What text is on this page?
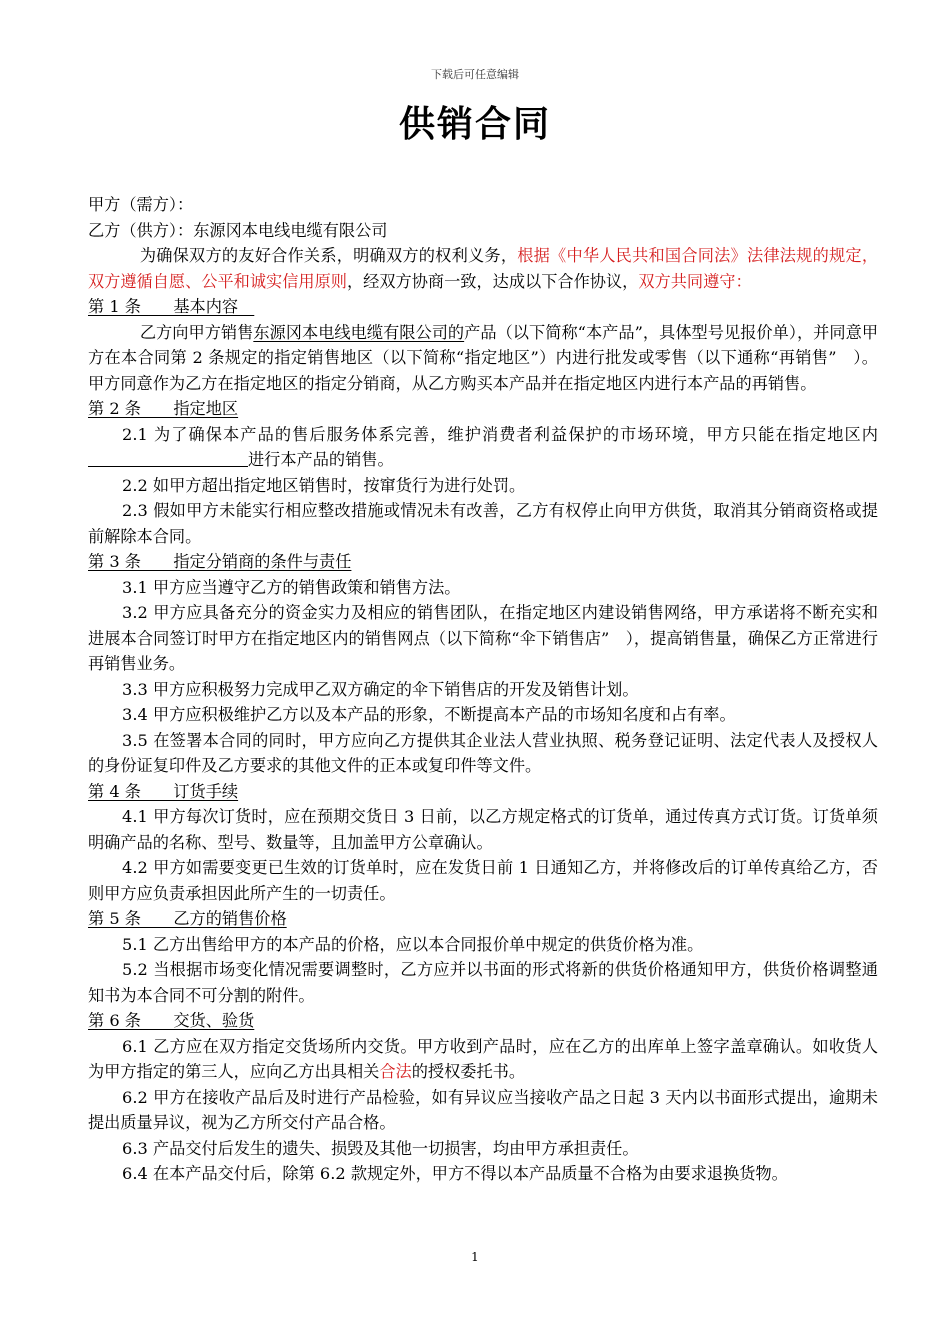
下载后可任意编辑
供销合同

甲方（需方）：

乙方（供方）：东源冈本电线电缆有限公司

为确保双方的友好合作关系，明确双方的权利义务，根据《中华人民共和国合同法》法律法规的规定，双方遵循自愿、公平和诚实信用原则，经双方协商一致，达成以下合作协议，双方共同遵守：

第 1 条　　基本内容　

乙方向甲方销售东源冈本电线电缆有限公司的产品（以下简称“本产品”，具体型号见报价单），并同意甲方在本合同第 2 条规定的指定销售地区（以下简称“指定地区”）内进行批发或零售（以下通称“再销售”　）。甲方同意作为乙方在指定地区的指定分销商，从乙方购买本产品并在指定地区内进行本产品的再销售。

第 2 条　　指定地区

2.1 为了确保本产品的售后服务体系完善，维护消费者利益保护的市场环境，甲方只能在指定地区内进行本产品的销售。

2.2 如甲方超出指定地区销售时，按窜货行为进行处罚。

2.3 假如甲方未能实行相应整改措施或情况未有改善，乙方有权停止向甲方供货，取消其分销商资格或提前解除本合同。

第 3 条　　指定分销商的条件与责任

3.1 甲方应当遵守乙方的销售政策和销售方法。

3.2 甲方应具备充分的资金实力及相应的销售团队，在指定地区内建设销售网络，甲方承诺将不断充实和进展本合同签订时甲方在指定地区内的销售网点（以下简称“伞下销售店”　），提高销售量，确保乙方正常进行再销售业务。

3.3 甲方应积极努力完成甲乙双方确定的伞下销售店的开发及销售计划。

3.4 甲方应积极维护乙方以及本产品的形象，不断提高本产品的市场知名度和占有率。

3.5 在签署本合同的同时，甲方应向乙方提供其企业法人营业执照、税务登记证明、法定代表人及授权人的身份证复印件及乙方要求的其他文件的正本或复印件等文件。

第 4 条　　订货手续

4.1 甲方每次订货时，应在预期交货日 3 日前，以乙方规定格式的订货单，通过传真方式订货。订货单须明确产品的名称、型号、数量等，且加盖甲方公章确认。

4.2 甲方如需要变更已生效的订货单时，应在发货日前 1 日通知乙方，并将修改后的订单传真给乙方，否则甲方应负责承担因此所产生的一切责任。

第 5 条　　乙方的销售价格

5.1 乙方出售给甲方的本产品的价格，应以本合同报价单中规定的供货价格为准。

5.2 当根据市场变化情况需要调整时，乙方应并以书面的形式将新的供货价格通知甲方，供货价格调整通知书为本合同不可分割的附件。

第 6 条　　交货、验货

6.1 乙方应在双方指定交货场所内交货。甲方收到产品时，应在乙方的出库单上签字盖章确认。如收货人为甲方指定的第三人，应向乙方出具相关合法的授权委托书。

6.2 甲方在接收产品后及时进行产品检验，如有异议应当接收产品之日起 3 天内以书面形式提出，逾期未提出质量异议，视为乙方所交付产品合格。

6.3 产品交付后发生的遗失、损毁及其他一切损害，均由甲方承担责任。

6.4 在本产品交付后，除第 6.2 款规定外，甲方不得以本产品质量不合格为由要求退换货物。

1
